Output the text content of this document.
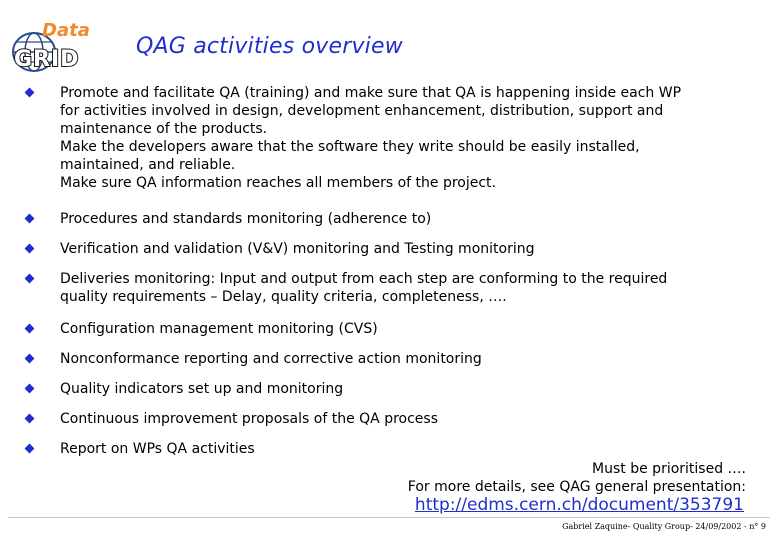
Data
GRID
QAG activities overview
Promote and facilitate QA (training) and make sure that QA is happening inside each WP
for activities involved in design, development enhancement, distribution, support and
maintenance of the products.
Make the developers aware that the software they write should be easily installed,
maintained, and reliable.
Make sure QA information reaches all members of the project.
Procedures and standards monitoring (adherence to)
Verification and validation (V&V) monitoring and Testing monitoring
Deliveries monitoring: Input and output from each step are conforming to the required
quality requirements – Delay, quality criteria, completeness, ….
Configuration management monitoring (CVS)
Nonconformance reporting and corrective action monitoring
Quality indicators set up and monitoring
Continuous improvement proposals of the QA process
Report on WPs QA activities
Must be prioritised ….
For more details, see QAG general presentation:
http://edms.cern.ch/document/353791
Gabriel Zaquine- Quality Group- 24/09/2002 - n° 9
